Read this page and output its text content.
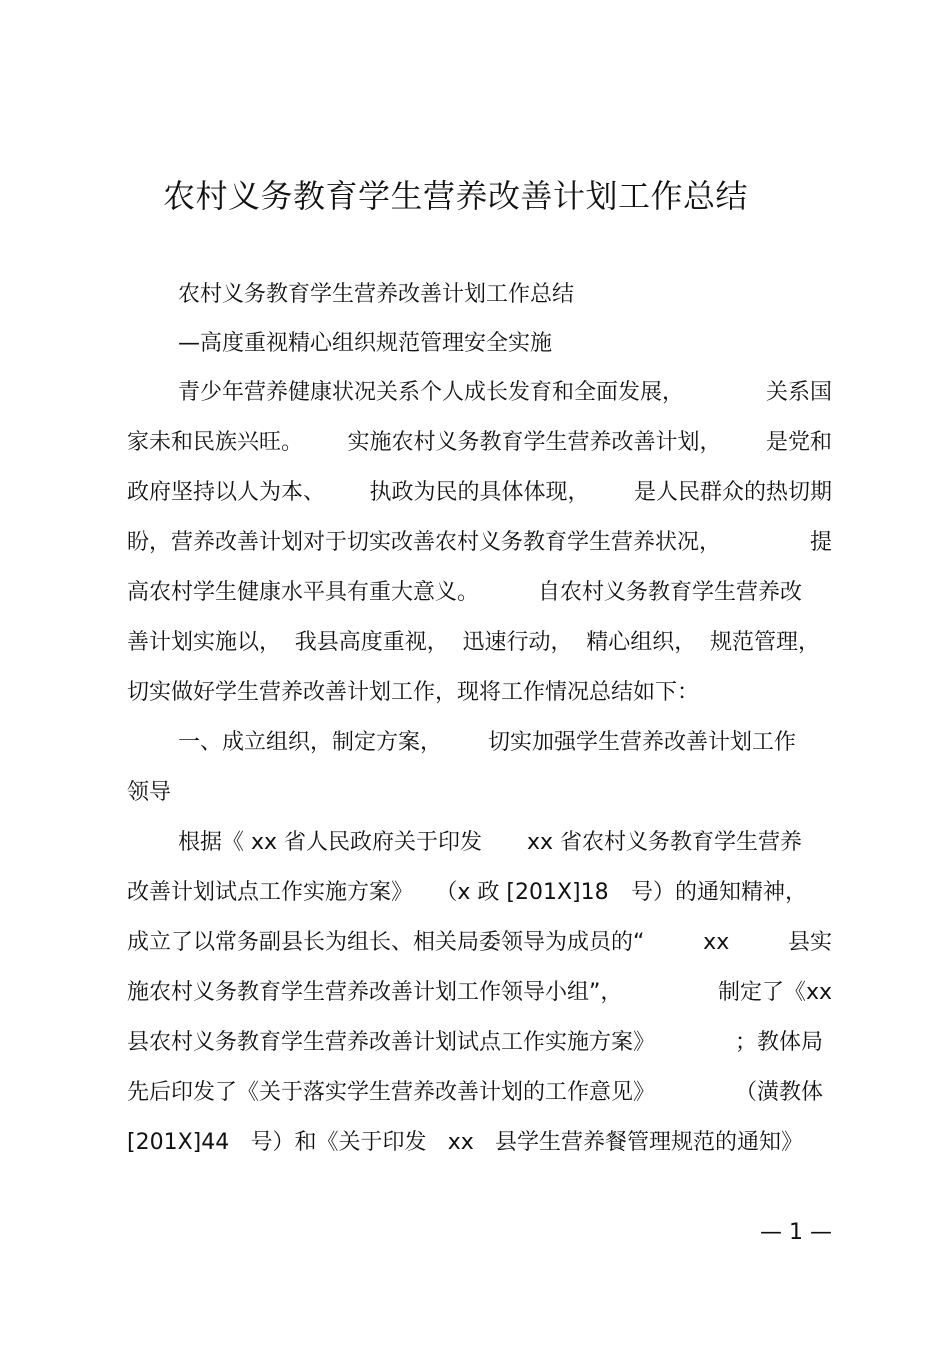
农村义务教育学生营养改善计划工作总结
农村义务教育学生营养改善计划工作总结
—高度重视精心组织规范管理安全实施
青少年营养健康状况关系个人成长发育和全面发展，	关系国
家未和民族兴旺。 实施农村义务教育学生营养改善计划， 是党和
政府坚持以人为本、 执政为民的具体体现， 是人民群众的热切期
盼，营养改善计划对于切实改善农村义务教育学生营养状况，	提
高农村学生健康水平具有重大意义。	自农村义务教育学生营养改
善计划实施以， 我县高度重视， 迅速行动， 精心组织， 规范管理，
切实做好学生营养改善计划工作，现将工作情况总结如下：
一、成立组织，制定方案， 切实加强学生营养改善计划工作
领导
根据《 xx 省人民政府关于印发 xx 省农村义务教育学生营养
改善计划试点工作实施方案》 （x 政 [201X]18 号）的通知精神，
成立了以常务副县长为组长、相关局委领导为成员的“	xx	县实
施农村义务教育学生营养改善计划工作领导小组”，	制定了《xx
县农村义务教育学生营养改善计划试点工作实施方案》	；教体局
先后印发了《关于落实学生营养改善计划的工作意见》	（潢教体
[201X]44 号）和《关于印发 xx 县学生营养餐管理规范的通知》
— 1 —
